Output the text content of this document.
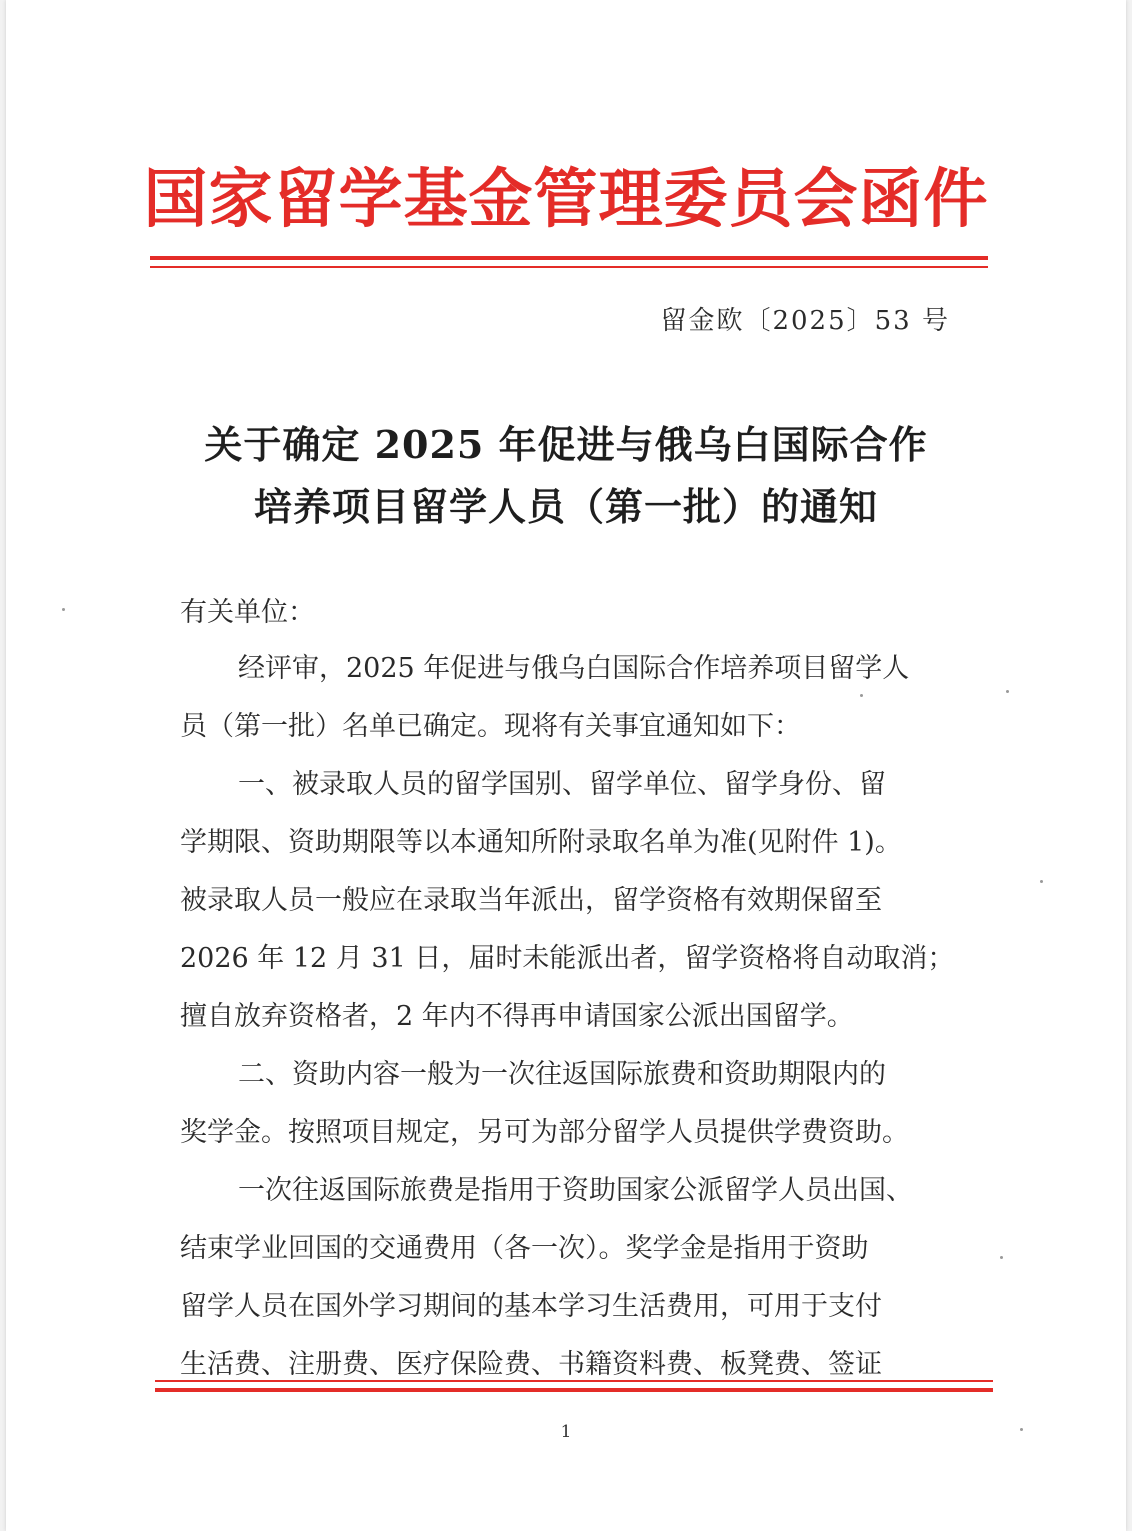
国家留学基金管理委员会函件
留金欧〔2025〕53 号
关于确定 2025 年促进与俄乌白国际合作
培养项目留学人员（第一批）的通知
有关单位：
经评审，2025 年促进与俄乌白国际合作培养项目留学人
员（第一批）名单已确定。现将有关事宜通知如下：
一、被录取人员的留学国别、留学单位、留学身份、留
学期限、资助期限等以本通知所附录取名单为准(见附件 1)。
被录取人员一般应在录取当年派出，留学资格有效期保留至
2026 年 12 月 31 日，届时未能派出者，留学资格将自动取消；
擅自放弃资格者，2 年内不得再申请国家公派出国留学。
二、资助内容一般为一次往返国际旅费和资助期限内的
奖学金。按照项目规定，另可为部分留学人员提供学费资助。
一次往返国际旅费是指用于资助国家公派留学人员出国、
结束学业回国的交通费用（各一次）。奖学金是指用于资助
留学人员在国外学习期间的基本学习生活费用，可用于支付
生活费、注册费、医疗保险费、书籍资料费、板凳费、签证
1
